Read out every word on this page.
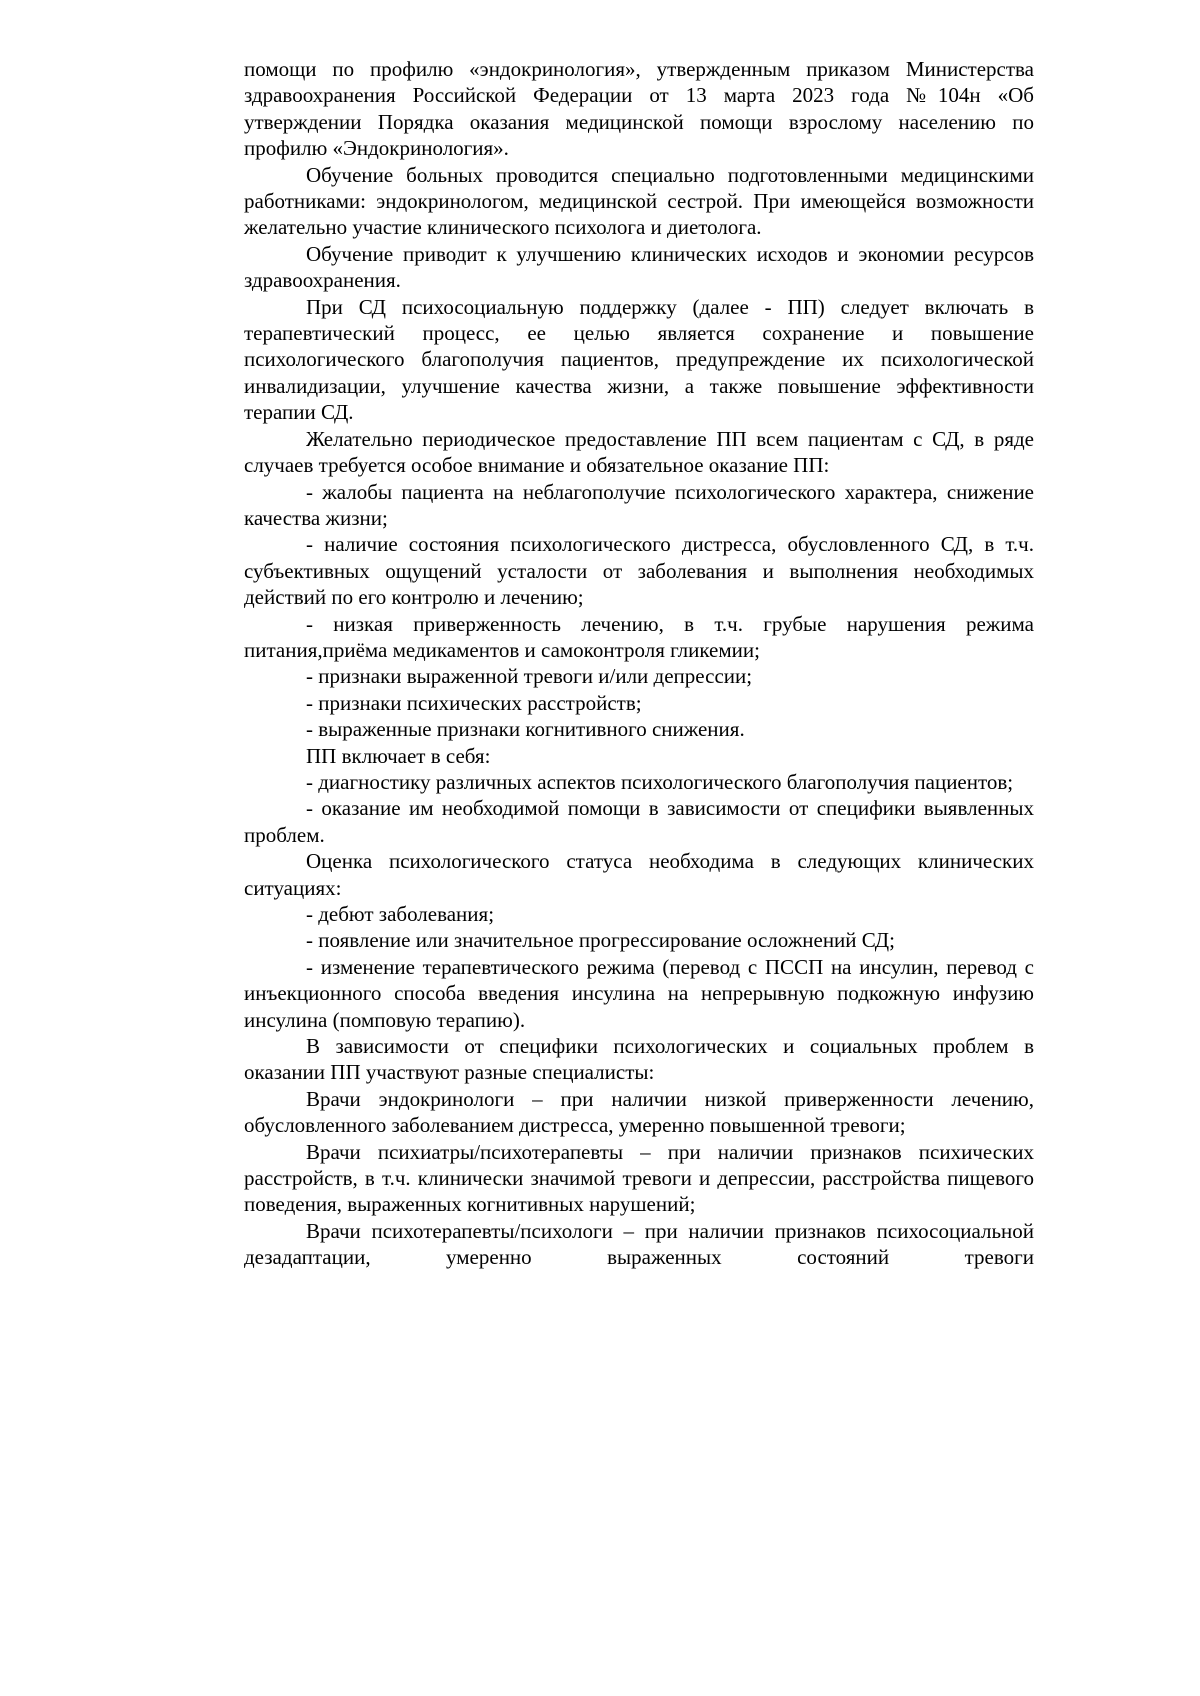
помощи по профилю «эндокринология», утвержденным приказом Министерства здравоохранения Российской Федерации от 13 марта 2023 года №104н «Об утверждении Порядка оказания медицинской помощи взрослому населению по профилю «Эндокринология».

Обучение больных проводится специально подготовленными медицинскими работниками: эндокринологом, медицинской сестрой. При имеющейся возможности желательно участие клинического психолога и диетолога.

Обучение приводит к улучшению клинических исходов и экономии ресурсов здравоохранения.

При СД психосоциальную поддержку (далее - ПП) следует включать в терапевтический процесс, ее целью является сохранение и повышение психологического благополучия пациентов, предупреждение их психологической инвалидизации, улучшение качества жизни, а также повышение эффективности терапии СД.

Желательно периодическое предоставление ПП всем пациентам с СД, в ряде случаев требуется особое внимание и обязательное оказание ПП:

- жалобы пациента на неблагополучие психологического характера, снижение качества жизни;

- наличие состояния психологического дистресса, обусловленного СД, в т.ч. субъективных ощущений усталости от заболевания и выполнения необходимых действий по его контролю и лечению;

- низкая приверженность лечению, в т.ч. грубые нарушения режима питания,приёма медикаментов и самоконтроля гликемии;

- признаки выраженной тревоги и/или депрессии;

- признаки психических расстройств;

- выраженные признаки когнитивного снижения.

ПП включает в себя:

- диагностику различных аспектов психологического благополучия пациентов;

- оказание им необходимой помощи в зависимости от специфики выявленных проблем.

Оценка психологического статуса необходима в следующих клинических ситуациях:

- дебют заболевания;

- появление или значительное прогрессирование осложнений СД;

- изменение терапевтического режима (перевод с ПССП на инсулин, перевод с инъекционного способа введения инсулина на непрерывную подкожную инфузию инсулина (помповую терапию).

В зависимости от специфики психологических и социальных проблем в оказании ПП участвуют разные специалисты:

Врачи эндокринологи – при наличии низкой приверженности лечению, обусловленного заболеванием дистресса, умеренно повышенной тревоги;

Врачи психиатры/психотерапевты – при наличии признаков психических расстройств, в т.ч. клинически значимой тревоги и депрессии, расстройства пищевого поведения, выраженных когнитивных нарушений;

Врачи психотерапевты/психологи – при наличии признаков психосоциальной дезадаптации, умеренно выраженных состояний тревоги
